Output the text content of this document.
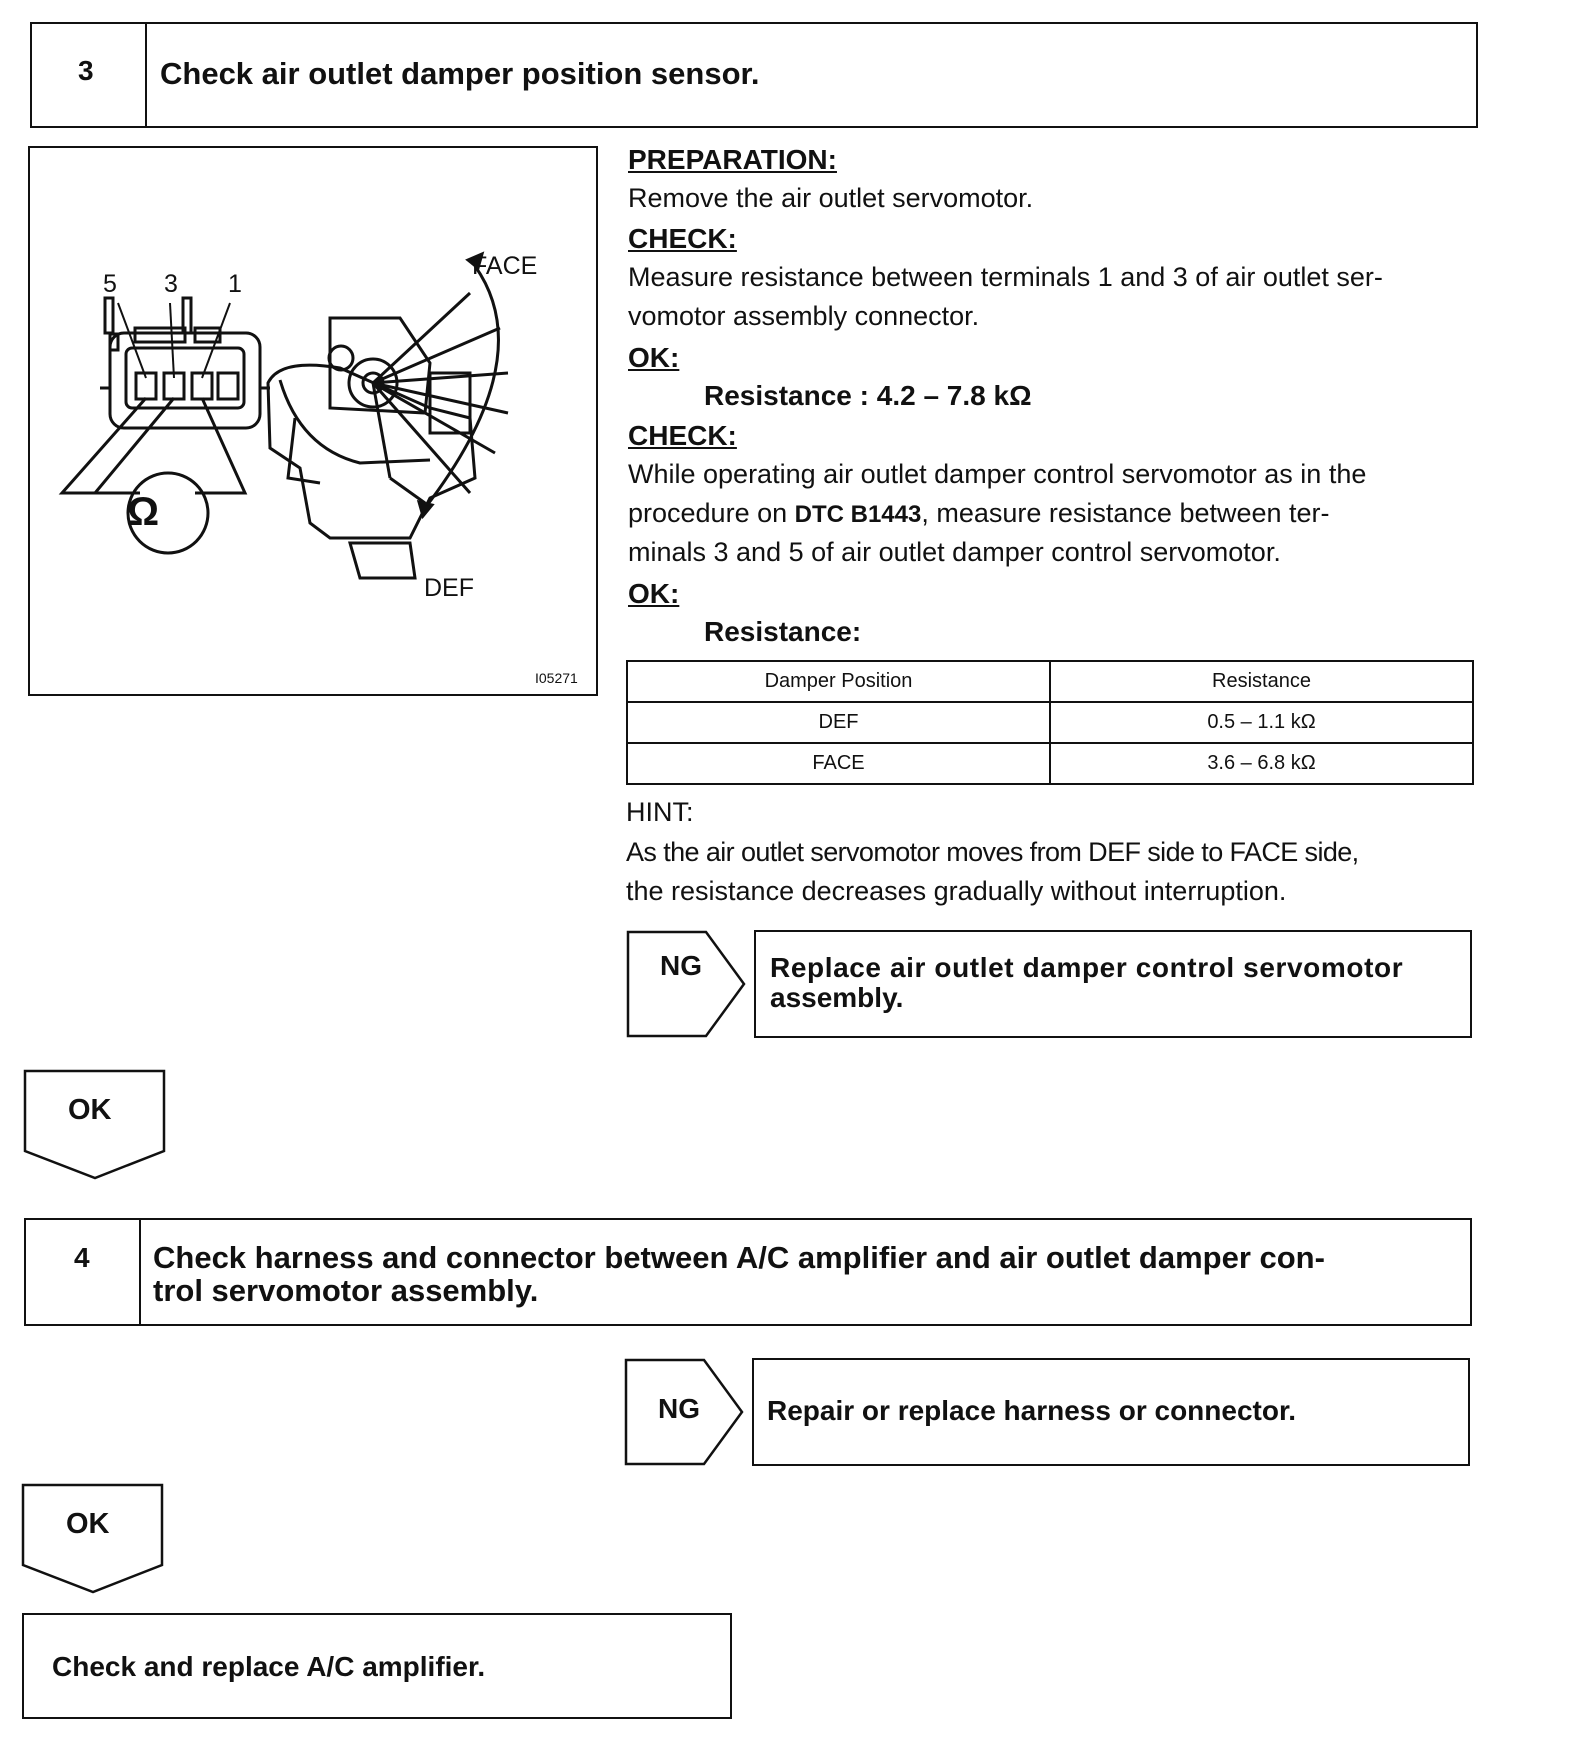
3 Check air outlet damper position sensor.
5 3 1
FACE
DEF
Ω
I05271
PREPARATION:
Remove the air outlet servomotor.
CHECK:
Measure resistance between terminals 1 and 3 of air outlet ser-
vomotor assembly connector.
OK:
Resistance : 4.2 – 7.8 kΩ
CHECK:
While operating air outlet damper control servomotor as in the
procedure on DTC B1443, measure resistance between ter-
minals 3 and 5 of air outlet damper control servomotor.
OK:
Resistance:
Damper Position	Resistance
DEF	0.5 – 1.1 kΩ
FACE	3.6 – 6.8 kΩ
HINT:
As the air outlet servomotor moves from DEF side to FACE side,
the resistance decreases gradually without interruption.
NG Replace air outlet damper control servomotor
assembly.
OK
4 Check harness and connector between A/C amplifier and air outlet damper con-
trol servomotor assembly.
NG Repair or replace harness or connector.
OK
Check and replace A/C amplifier.
